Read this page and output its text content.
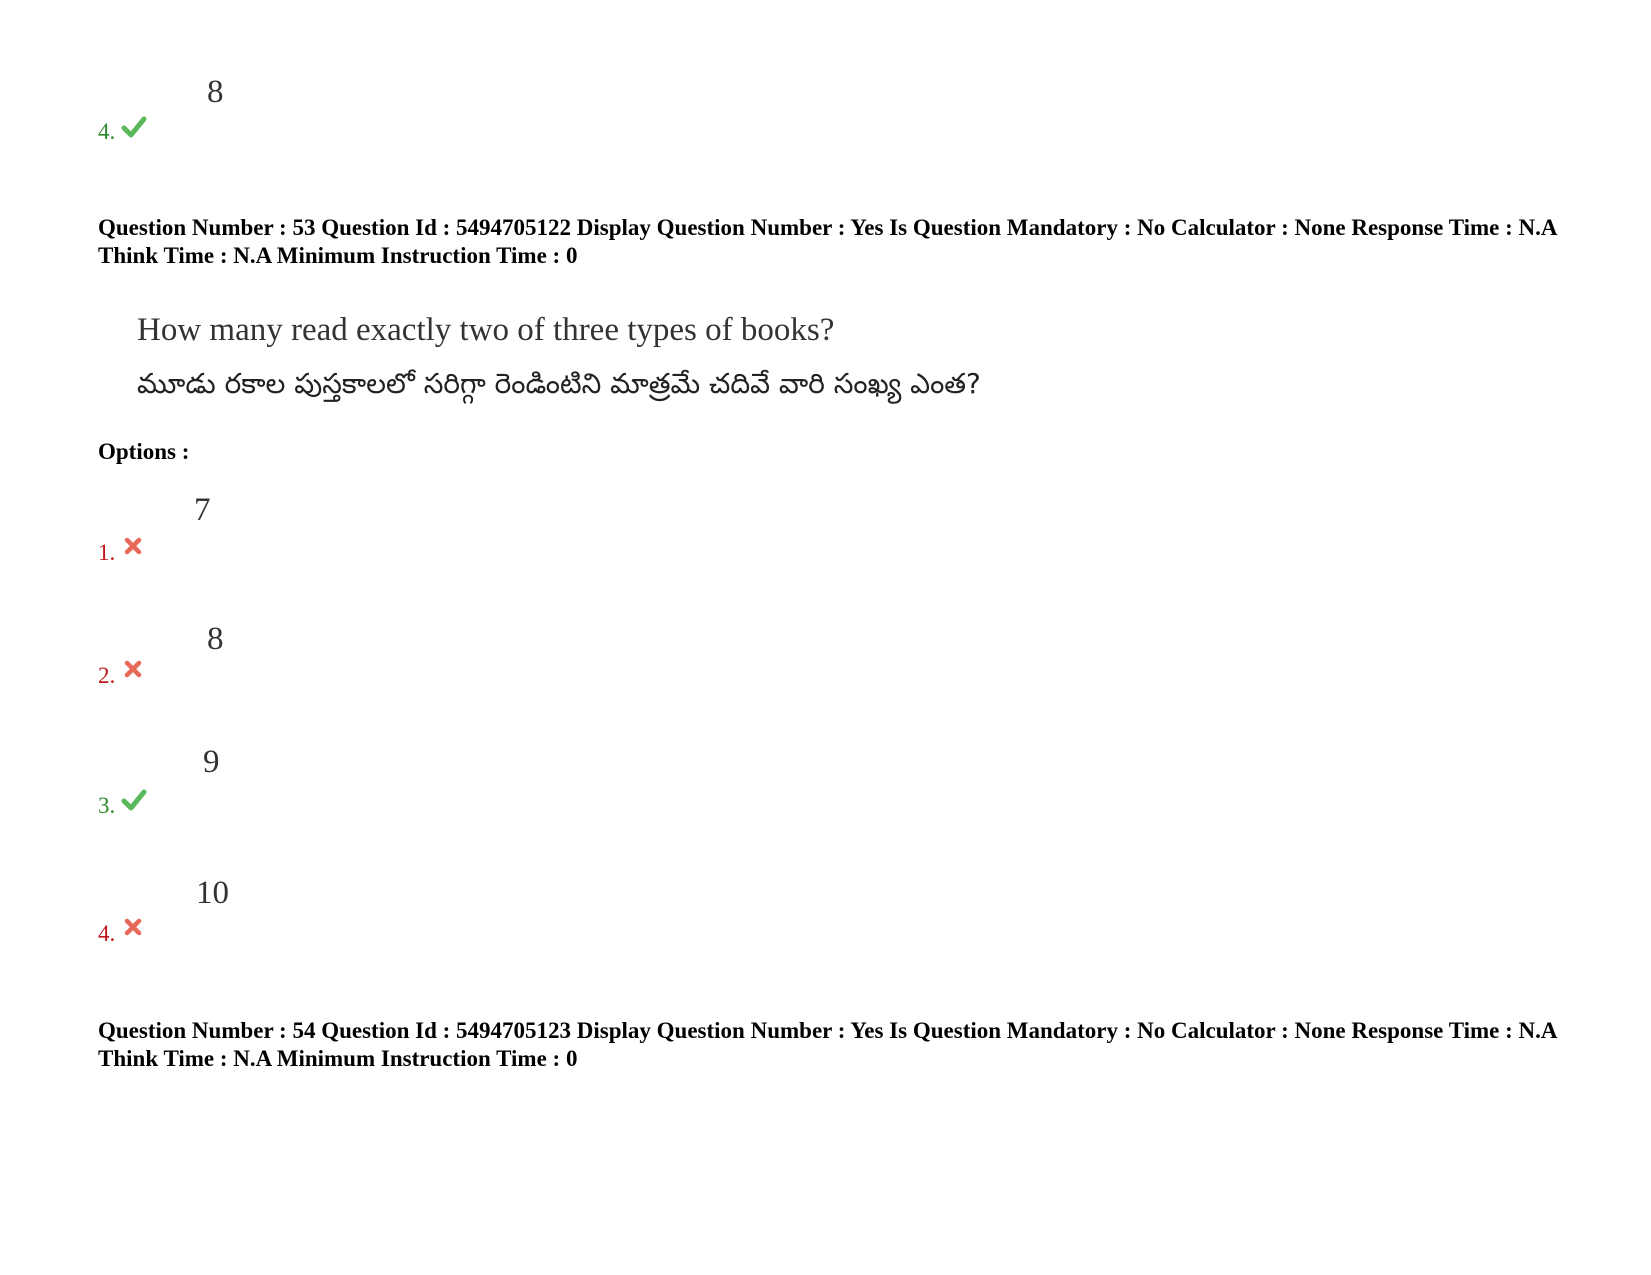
8
4.
Question Number : 53 Question Id : 5494705122 Display Question Number : Yes Is Question Mandatory : No Calculator : None Response Time : N.A Think Time : N.A Minimum Instruction Time : 0
How many read exactly two of three types of books?
మూడు రకాల పుస్తకాలలో సరిగ్గా రెండింటిని మాత్రమే చదివే వారి సంఖ్య ఎంత?
Options :
7
1.
8
2.
9
3.
10
4.
Question Number : 54 Question Id : 5494705123 Display Question Number : Yes Is Question Mandatory : No Calculator : None Response Time : N.A Think Time : N.A Minimum Instruction Time : 0
